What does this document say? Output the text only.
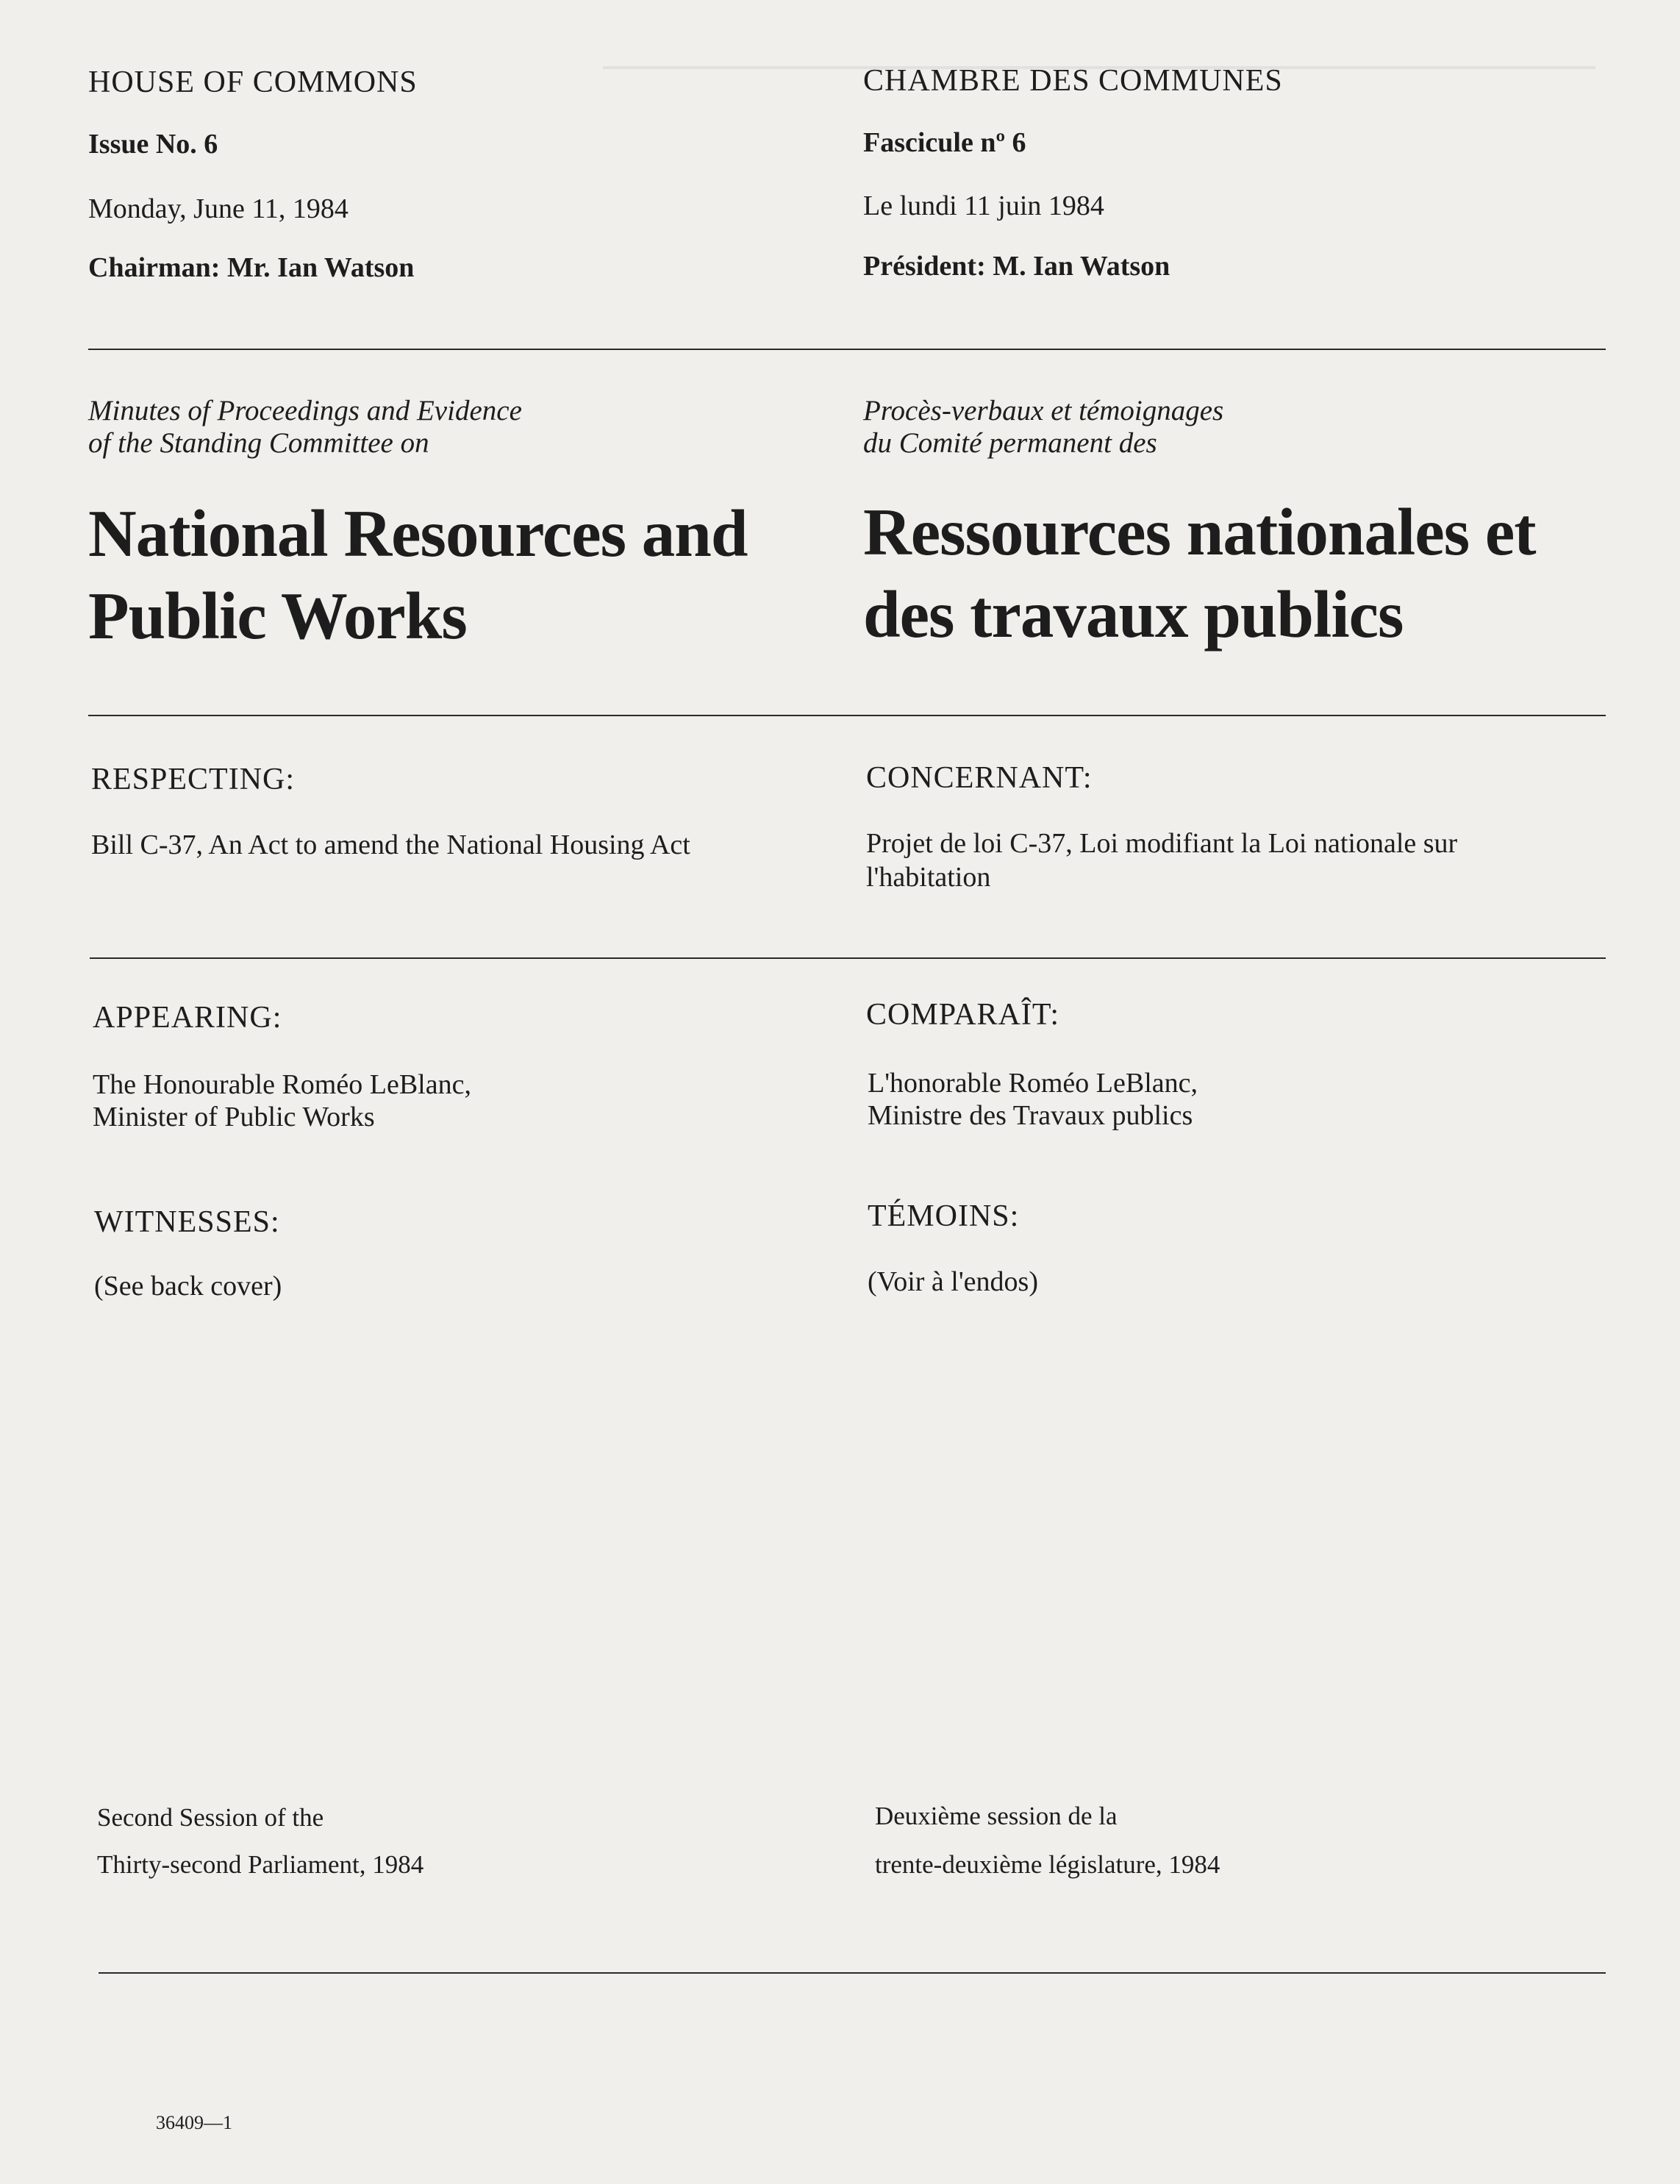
HOUSE OF COMMONS
Issue No. 6
Monday, June 11, 1984
Chairman: Mr. Ian Watson
Minutes of Proceedings and Evidence
of the Standing Committee on
National Resources and Public Works
RESPECTING:
Bill C-37, An Act to amend the National Housing Act
APPEARING:
The Honourable Roméo LeBlanc,
Minister of Public Works
WITNESSES:
(See back cover)
Second Session of the
Thirty-second Parliament, 1984
CHAMBRE DES COMMUNES
Fascicule nº 6
Le lundi 11 juin 1984
Président: M. Ian Watson
Procès-verbaux et témoignages
du Comité permanent des
Ressources nationales et des travaux publics
CONCERNANT:
Projet de loi C-37, Loi modifiant la Loi nationale sur l'habitation
COMPARAÎT:
L'honorable Roméo LeBlanc,
Ministre des Travaux publics
TÉMOINS:
(Voir à l'endos)
Deuxième session de la
trente-deuxième législature, 1984
36409—1
